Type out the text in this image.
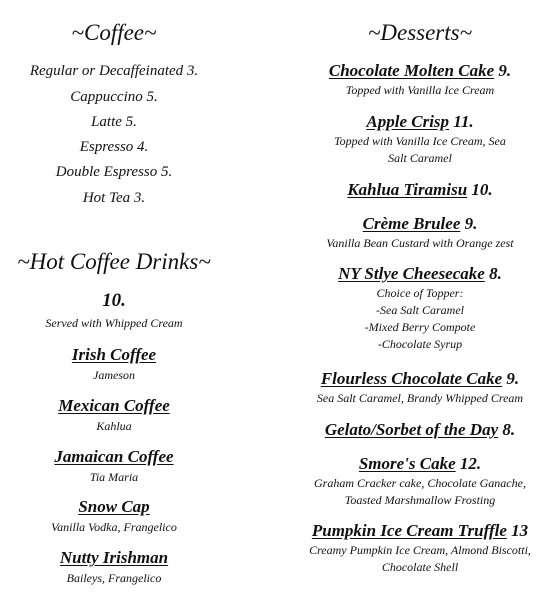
~Coffee~
Regular or Decaffeinated 3.
Cappuccino 5.
Latte 5.
Espresso 4.
Double Espresso 5.
Hot Tea 3.
~Hot Coffee Drinks~
10.
Served with Whipped Cream
Irish Coffee
Jameson
Mexican Coffee
Kahlua
Jamaican Coffee
Tia Maria
Snow Cap
Vanilla Vodka, Frangelico
Nutty Irishman
Baileys, Frangelico
~Desserts~
Chocolate Molten Cake 9.
Topped with Vanilla Ice Cream
Apple Crisp 11.
Topped with Vanilla Ice Cream, Sea
Salt Caramel
Kahlua Tiramisu 10.
Crème Brulee 9.
Vanilla Bean Custard with Orange zest
NY Stlye Cheesecake 8.
Choice of Topper:
-Sea Salt Caramel
-Mixed Berry Compote
-Chocolate Syrup
Flourless Chocolate Cake 9.
Sea Salt Caramel, Brandy Whipped Cream
Gelato/Sorbet of the Day 8.
Smore's Cake 12.
Graham Cracker cake, Chocolate Ganache,
Toasted Marshmallow Frosting
Pumpkin Ice Cream Truffle 13
Creamy Pumpkin Ice Cream, Almond Biscotti,
Chocolate Shell
